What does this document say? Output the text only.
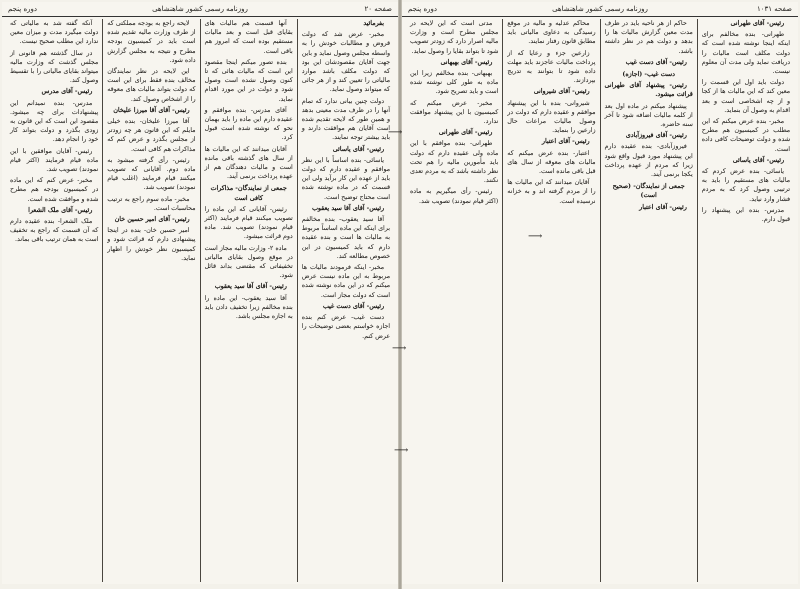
صفحه ۲۰
روزنامه رسمی کشور شاهنشاهی
دوره پنجم

بفرمائید

مخبر- عرض شد که دولت قروض و مطالبات خودش را به واسطه مجلس وصول نماید و باین جهت آقایان مقصودشان این بود که دولت مکلف باشد موارد مالیاتی را تعیین کند و از هر جائی که میتواند وصول نماید.

دولت چنین بیانی ندارد که تمام آنها را در ظرف مدت معینی بدهد و همین طور که لایحه تقدیم شده است آقایان هم موافقت دارند و باید بیشتر توجه نمایند.

رئیس- آقای یاسائی

یاسائی- بنده اساساً با این نظر موافقم و عقیده دارم که دولت باید از عهده این کار برآید ولی این قسمت که در ماده نوشته شده است محتاج توضیح است.

رئیس- آقای آقا سید یعقوب

آقا سید یعقوب- بنده مخالفم برای اینکه این ماده اساساً مربوط به مالیات ها است و بنده عقیده دارم که باید کمیسیون در این خصوص مطالعه کند.

مخبر- اینکه فرمودند مالیات ها مربوط به این ماده نیست عرض میکنم که در این ماده نوشته شده است که دولت مجاز است.

رئیس- آقای دست غیب

دست غیب- عرض کنم بنده اجازه خواستم بعضی توضیحات را عرض کنم.

آنها قسمت هم مالیات های بقایای قبل است و بعد مالیات مستقیم بوده است که امروز هم باقی است.

بنده تصور میکنم اینجا مقصود این است که مالیات هائی که تا کنون وصول نشده است وصول شود و دولت در این مورد اقدام نماید.

آقای مدرس- بنده موافقم و عقیده دارم این ماده را باید بهمان نحو که نوشته شده است قبول کرد.

آقایان میدانند که این مالیات ها از سال های گذشته باقی مانده است و مالیات دهندگان هم از عهده پرداخت برنمی آیند.

جمعی از نمایندگان- مذاکرات کافی است

رئیس- آقایانی که این ماده را تصویب میکنند قیام فرمایند (اکثر قیام نمودند) تصویب شد. ماده دوم قرائت میشود.

ماده ۲- وزارت مالیه مجاز است در موقع وصول بقایای مالیاتی تخفیفاتی که مقتضی بداند قائل شود.

رئیس- آقای آقا سید یعقوب

آقا سید یعقوب- این ماده را بنده مخالفم زیرا تخفیف دادن باید به اجازه مجلس باشد.

لایحه راجع به بودجه مملکتی که از طرف وزارت مالیه تقدیم شده است باید در کمیسیون بودجه مطرح و نتیجه به مجلس گزارش داده شود.

این لایحه در نظر نمایندگان مخالف بنده فقط برای این است که دولت بتواند مالیات های معوقه را از اشخاص وصول کند.

رئیس- آقای آقا میرزا علیخان

آقا میرزا علیخان- بنده خیلی مایلم که این قانون هر چه زودتر از مجلس بگذرد و عرض کنم که مذاکرات هم کافی است.

رئیس- رأی گرفته میشود به ماده دوم. آقایانی که تصویب میکنند قیام فرمایند (اغلب قیام نمودند) تصویب شد.

مخبر- ماده سوم راجع به ترتیب محاسبات است.

رئیس- آقای امیر حسین خان

امیر حسین خان- بنده در اینجا پیشنهادی دارم که قرائت شود و کمیسیون نظر خودش را اظهار نماید.

آنکه گفته شد به مالیاتی که دولت میگیرد مدت و میزان معین ندارد این مطلب صحیح نیست.

در سال گذشته هم قانونی از مجلس گذشت که وزارت مالیه میتواند بقایای مالیاتی را با تقسیط وصول کند.

رئیس- آقای مدرس

مدرس- بنده نمیدانم این پیشنهادات برای چه میشود. مقصود این است که این قانون به زودی بگذرد و دولت بتواند کار خود را انجام دهد.

رئیس- آقایان موافقین با این ماده قیام فرمایند (اکثر قیام نمودند) تصویب شد.

مخبر- عرض کنم که این ماده در کمیسیون بودجه هم مطرح شده و موافقت شده است.

رئیس- آقای ملک الشعرا

ملک الشعرا- بنده عقیده دارم که آن قسمت که راجع به تخفیف است به همان ترتیب باقی بماند.

صفحه ۱۰۳۱
روزنامه رسمی کشور شاهنشاهی
دوره پنجم

رئیس- آقای طهرانی

طهرانی- بنده مخالفم برای اینکه اینجا نوشته شده است که دولت مکلف است مالیات را دریافت نماید ولی مدت آن معلوم نیست.

دولت باید اول این قسمت را معین کند که این مالیات ها از کجا و از چه اشخاصی است و بعد اقدام به وصول آن بنماید.

مخبر- بنده عرض میکنم که این مطلب در کمیسیون هم مطرح شده و دولت توضیحات کافی داده است.

رئیس- آقای یاسائی

یاسائی- بنده عرض کردم که مالیات های مستقیم را باید به ترتیبی وصول کرد که به مردم فشار وارد نیاید.

مدرس- بنده این پیشنهاد را قبول دارم.

حاکم از هر ناحیه باید در ظرف مدت معین گزارش مالیات ها را بدهد و دولت هم در نظر داشته باشد.

رئیس- آقای دست غیب

دست غیب- (اجازه)

رئیس- پیشنهاد آقای طهرانی قرائت میشود.

پیشنهاد میکنم در ماده اول بعد از کلمه مالیات اضافه شود تا آخر سنه حاضره.

رئیس- آقای فیروزآبادی

فیروزآبادی- بنده عقیده دارم این پیشنهاد مورد قبول واقع شود زیرا که مردم از عهده پرداخت یکجا برنمی آیند.

جمعی از نمایندگان- (صحیح است)

رئیس- آقای اعتبار

محاکم عدلیه و مالیه در موقع رسیدگی به دعاوی مالیاتی باید مطابق قانون رفتار نمایند.

زارعین جزء و رعایا که از پرداخت مالیات عاجزند باید مهلت داده شود تا بتوانند به تدریج بپردازند.

رئیس- آقای شیروانی

شیروانی- بنده با این پیشنهاد موافقم و عقیده دارم که دولت در وصول مالیات مراعات حال زارعین را بنماید.

رئیس- آقای اعتبار

اعتبار- بنده عرض میکنم که مالیات های معوقه از سال های قبل باقی مانده است.

آقایان میدانند که این مالیات ها را از مردم گرفته اند و به خزانه نرسیده است.

مدتی است که این لایحه در مجلس مطرح است و وزارت مالیه اصرار دارد که زودتر تصویب شود تا بتواند بقایا را وصول نماید.

رئیس- آقای بهبهانی

بهبهانی- بنده مخالفم زیرا این ماده به طور کلی نوشته شده است و باید تصریح شود.

مخبر- عرض میکنم که کمیسیون با این پیشنهاد موافقت ندارد.

رئیس- آقای طهرانی

طهرانی- بنده موافقم با این ماده ولی عقیده دارم که دولت باید مأمورین مالیه را هم تحت نظر داشته باشد که به مردم تعدی نکنند.

رئیس- رأی میگیریم به ماده (اکثر قیام نمودند) تصویب شد.

⟶
⟶
⟶
⟶
